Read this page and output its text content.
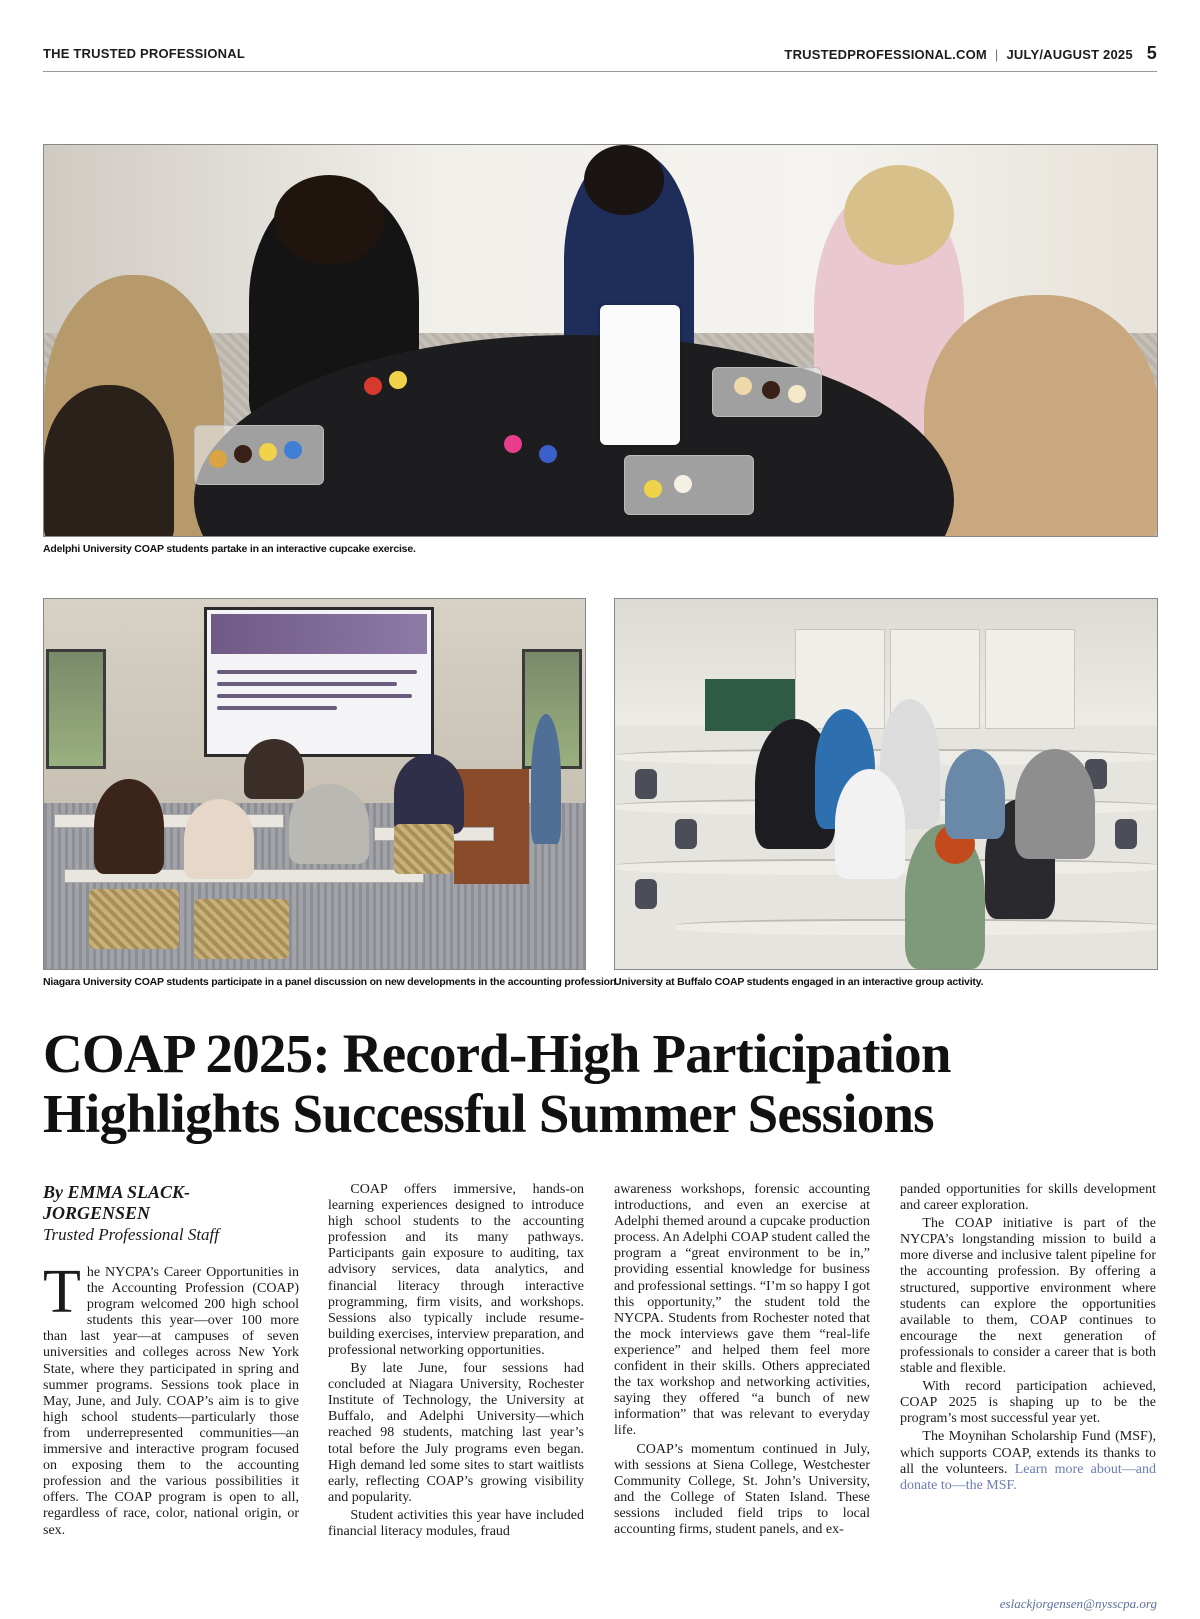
THE TRUSTED PROFESSIONAL	TRUSTEDPROFESSIONAL.COM | JULY/AUGUST 2025 5
Adelphi University COAP students partake in an interactive cupcake exercise.
Niagara University COAP students participate in a panel discussion on new developments in the accounting profession.
University at Buffalo COAP students engaged in an interactive group activity.
COAP 2025: Record-High Participation
Highlights Successful Summer Sessions
By EMMA SLACK-
JORGENSEN
Trusted Professional Staff

The NYCPA’s Career Opportunities in the Accounting Profession (COAP) program welcomed 200 high school students this year—over 100 more than last year—at campuses of seven universities and colleges across New York State, where they participated in spring and summer programs. Sessions took place in May, June, and July. COAP’s aim is to give high school students—particularly those from underrepresented communities—an immersive and interactive program focused on exposing them to the accounting profession and the various possibilities it offers. The COAP program is open to all, regardless of race, color, national origin, or sex.

COAP offers immersive, hands-on learning experiences designed to introduce high school students to the accounting profession and its many pathways. Participants gain exposure to auditing, tax advisory services, data analytics, and financial literacy through interactive programming, firm visits, and workshops. Sessions also typically include resume-building exercises, interview preparation, and professional networking opportunities.

By late June, four sessions had concluded at Niagara University, Rochester Institute of Technology, the University at Buffalo, and Adelphi University—which reached 98 students, matching last year’s total before the July programs even began. High demand led some sites to start waitlists early, reflecting COAP’s growing visibility and popularity.

Student activities this year have included financial literacy modules, fraud

awareness workshops, forensic accounting introductions, and even an exercise at Adelphi themed around a cupcake production process. An Adelphi COAP student called the program a “great environment to be in,” providing essential knowledge for business and professional settings. “I’m so happy I got this opportunity,” the student told the NYCPA. Students from Rochester noted that the mock interviews gave them “real-life experience” and helped them feel more confident in their skills. Others appreciated the tax workshop and networking activities, saying they offered “a bunch of new information” that was relevant to everyday life.

COAP’s momentum continued in July, with sessions at Siena College, Westchester Community College, St. John’s University, and the College of Staten Island. These sessions included field trips to local accounting firms, student panels, and ex-

panded opportunities for skills development and career exploration.

The COAP initiative is part of the NYCPA’s longstanding mission to build a more diverse and inclusive talent pipeline for the accounting profession. By offering a structured, supportive environment where students can explore the opportunities available to them, COAP continues to encourage the next generation of professionals to consider a career that is both stable and flexible.

With record participation achieved, COAP 2025 is shaping up to be the program’s most successful year yet.

The Moynihan Scholarship Fund (MSF), which supports COAP, extends its thanks to all the volunteers. Learn more about—and donate to—the MSF.

eslackjorgensen@nysscpa.org
